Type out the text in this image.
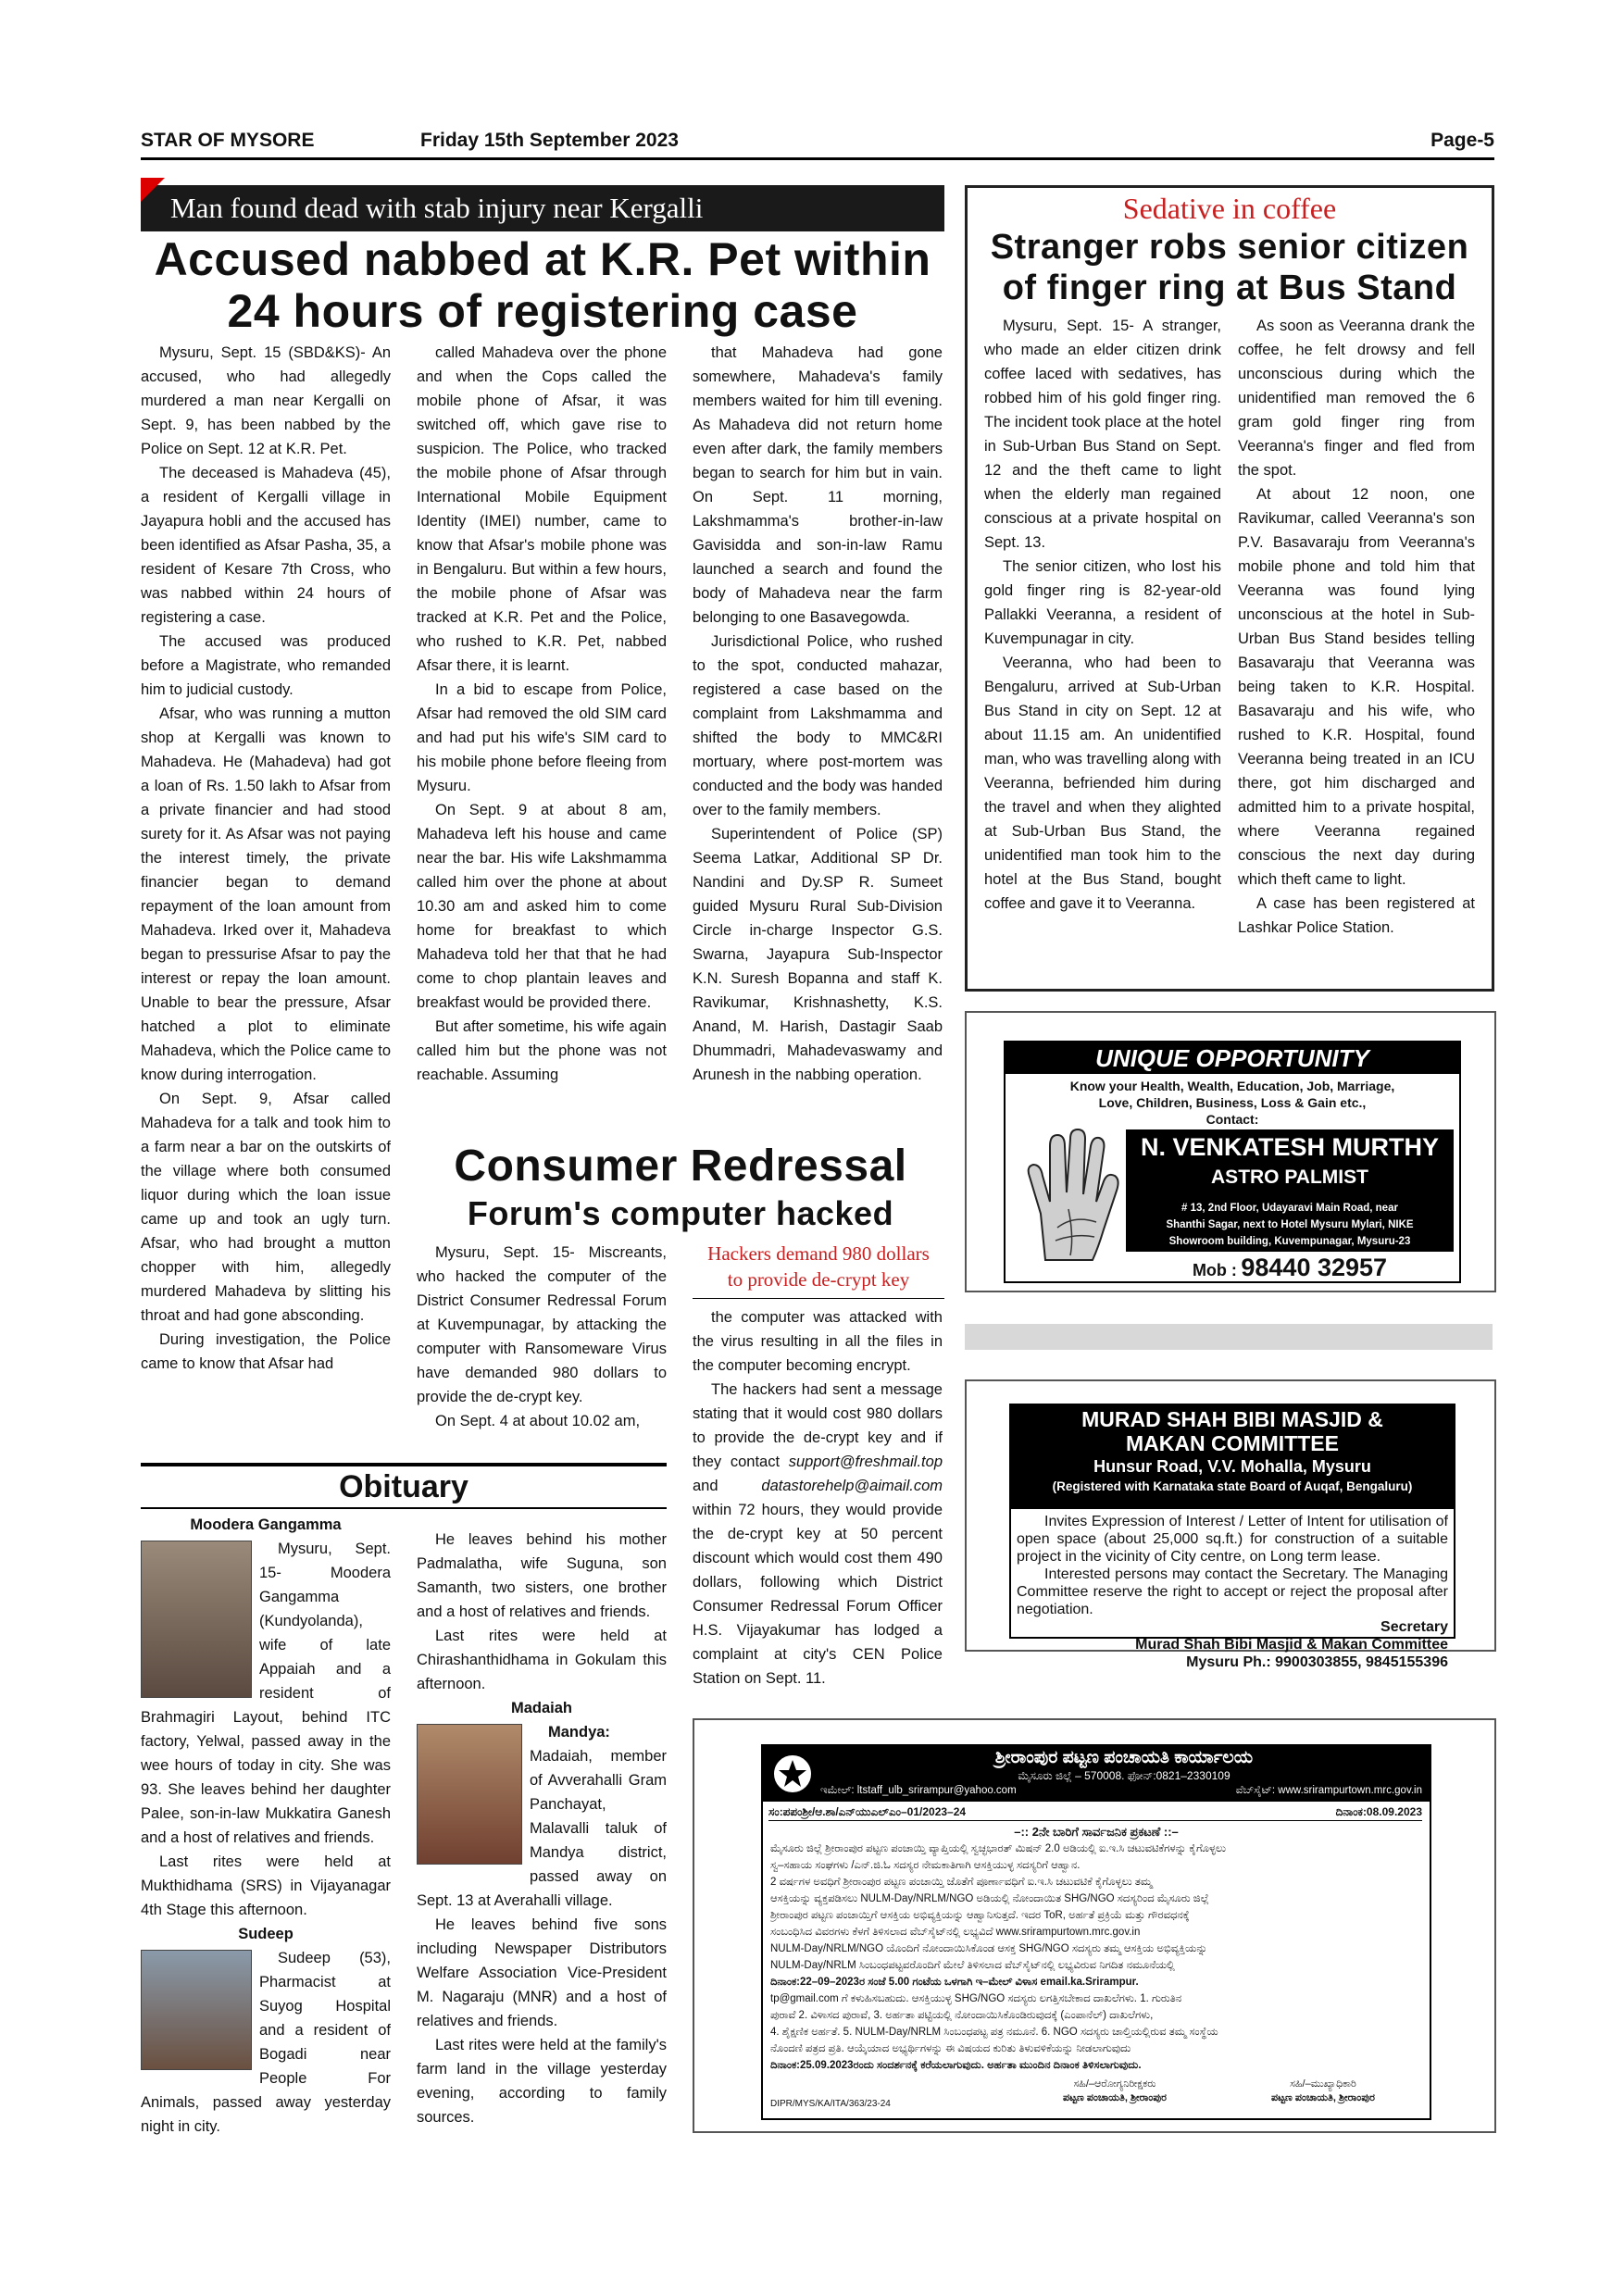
STAR OF MYSORE	Friday 15th September 2023	Page-5
Man found dead with stab injury near Kergalli
Accused nabbed at K.R. Pet within
24 hours of registering case

Mysuru, Sept. 15 (SBD&KS)- An accused, who had allegedly murdered a man near Kergalli on Sept. 9, has been nabbed by the Police on Sept. 12 at K.R. Pet.

The deceased is Mahadeva (45), a resident of Kergalli village in Jayapura hobli and the accused has been identified as Afsar Pasha, 35, a resident of Kesare 7th Cross, who was nabbed within 24 hours of registering a case.

The accused was produced before a Magistrate, who remanded him to judicial custody.

Afsar, who was running a mutton shop at Kergalli was known to Mahadeva. He (Mahadeva) had got a loan of Rs. 1.50 lakh to Afsar from a private financier and had stood surety for it. As Afsar was not paying the interest timely, the private financier began to demand repayment of the loan amount from Mahadeva. Irked over it, Mahadeva began to pressurise Afsar to pay the interest or repay the loan amount. Unable to bear the pressure, Afsar hatched a plot to eliminate Mahadeva, which the Police came to know during interrogation.

On Sept. 9, Afsar called Mahadeva for a talk and took him to a farm near a bar on the outskirts of the village where both consumed liquor during which the loan issue came up and took an ugly turn. Afsar, who had brought a mutton chopper with him, allegedly murdered Mahadeva by slitting his throat and had gone absconding.

During investigation, the Police came to know that Afsar had

called Mahadeva over the phone and when the Cops called the mobile phone of Afsar, it was switched off, which gave rise to suspicion. The Police, who tracked the mobile phone of Afsar through International Mobile Equipment Identity (IMEI) number, came to know that Afsar's mobile phone was in Bengaluru. But within a few hours, the mobile phone of Afsar was tracked at K.R. Pet and the Police, who rushed to K.R. Pet, nabbed Afsar there, it is learnt.

In a bid to escape from Police, Afsar had removed the old SIM card and had put his wife's SIM card to his mobile phone before fleeing from Mysuru.

On Sept. 9 at about 8 am, Mahadeva left his house and came near the bar. His wife Lakshmamma called him over the phone at about 10.30 am and asked him to come home for breakfast to which Mahadeva told her that that he had come to chop plantain leaves and breakfast would be provided there.

But after sometime, his wife again called him but the phone was not reachable. Assuming

that Mahadeva had gone somewhere, Mahadeva's family members waited for him till evening. As Mahadeva did not return home even after dark, the family members began to search for him but in vain. On Sept. 11 morning, Lakshmamma's brother-in-law Gavisidda and son-in-law Ramu launched a search and found the body of Mahadeva near the farm belonging to one Basavegowda.

Jurisdictional Police, who rushed to the spot, conducted mahazar, registered a case based on the complaint from Lakshmamma and shifted the body to MMC&RI mortuary, where post-mortem was conducted and the body was handed over to the family members.

Superintendent of Police (SP) Seema Latkar, Additional SP Dr. Nandini and Dy.SP R. Sumeet guided Mysuru Rural Sub-Division Circle in-charge Inspector G.S. Swarna, Jayapura Sub-Inspector K.N. Suresh Bopanna and staff K. Ravikumar, Krishnashetty, K.S. Anand, M. Harish, Dastagir Saab Dhummadri, Mahadevaswamy and Arunesh in the nabbing operation.

Sedative in coffee
Stranger robs senior citizen
of finger ring at Bus Stand

Mysuru, Sept. 15- A stranger, who made an elder citizen drink coffee laced with sedatives, has robbed him of his gold finger ring. The incident took place at the hotel in Sub-Urban Bus Stand on Sept. 12 and the theft came to light when the elderly man regained conscious at a private hospital on Sept. 13.

The senior citizen, who lost his gold finger ring is 82-year-old Pallakki Veeranna, a resident of Kuvempunagar in city.

Veeranna, who had been to Bengaluru, arrived at Sub-Urban Bus Stand in city on Sept. 12 at about 11.15 am. An unidentified man, who was travelling along with Veeranna, befriended him during the travel and when they alighted at Sub-Urban Bus Stand, the unidentified man took him to the hotel at the Bus Stand, bought coffee and gave it to Veeranna.

As soon as Veeranna drank the coffee, he felt drowsy and fell unconscious during which the unidentified man removed the 6 gram gold finger ring from Veeranna's finger and fled from the spot.

At about 12 noon, one Ravikumar, called Veeranna's son P.V. Basavaraju from Veeranna's mobile phone and told him that Veeranna was found lying unconscious at the hotel in Sub-Urban Bus Stand besides telling Basavaraju that Veeranna was being taken to K.R. Hospital. Basavaraju and his wife, who rushed to K.R. Hospital, found Veeranna being treated in an ICU there, got him discharged and admitted him to a private hospital, where Veeranna regained conscious the next day during which theft came to light.

A case has been registered at Lashkar Police Station.

UNIQUE OPPORTUNITY
Know your Health, Wealth, Education, Job, Marriage,
Love, Children, Business, Loss & Gain etc.,
Contact:
N. VENKATESH MURTHY
ASTRO PALMIST
# 13, 2nd Floor, Udayaravi Main Road, near
Shanthi Sagar, next to Hotel Mysuru Mylari, NIKE
Showroom building, Kuvempunagar, Mysuru-23
Mob : 98440 32957
MURAD SHAH BIBI MASJID &
MAKAN COMMITTEE
Hunsur Road, V.V. Mohalla, Mysuru
(Registered with Karnataka state Board of Auqaf, Bengaluru)
Invites Expression of Interest / Letter of Intent for utilisation of open space (about 25,000 sq.ft.) for construction of a suitable project in the vicinity of City centre, on Long term lease.
Interested persons may contact the Secretary. The Managing Committee reserve the right to accept or reject the proposal after negotiation.
Secretary
Murad Shah Bibi Masjid & Makan Committee
Mysuru Ph.: 9900303855, 9845155396
Consumer Redressal
Forum's computer hacked

Mysuru, Sept. 15- Miscreants, who hacked the computer of the District Consumer Redressal Forum at Kuvempunagar, by attacking the computer with Ransomeware Virus have demanded 980 dollars to provide the de-crypt key.

On Sept. 4 at about 10.02 am,

Hackers demand 980 dollars
to provide de-crypt key

the computer was attacked with the virus resulting in all the files in the computer becoming encrypt.

The hackers had sent a message stating that it would cost 980 dollars to provide the de-crypt key and if they contact support@freshmail.top and datastorehelp@aimail.com within 72 hours, they would provide the de-crypt key at 50 percent discount which would cost them 490 dollars, following which District Consumer Redressal Forum Officer H.S. Vijayakumar has lodged a complaint at city's CEN Police Station on Sept. 11.

Obituary
Moodera Gangamma

Mysuru, Sept. 15- Moodera Gangamma (Kundyolanda), wife of late Appaiah and a resident of Brahmagiri Layout, behind ITC factory, Yelwal, passed away in the wee hours of today in city. She was 93. She leaves behind her daughter Palee, son-in-law Mukkatira Ganesh and a host of relatives and friends.

Last rites were held at Mukthidhama (SRS) in Vijayanagar 4th Stage this afternoon.

Sudeep

Sudeep (53), Pharmacist at Suyog Hospital and a resident of Bogadi near People For Animals, passed away yesterday night in city.

He leaves behind his mother Padmalatha, wife Suguna, son Samanth, two sisters, one brother and a host of relatives and friends.

Last rites were held at Chirashanthidhama in Gokulam this afternoon.

Madaiah

Mandya: Madaiah, member of Avverahalli Gram Panchayat, Malavalli taluk of Mandya district, passed away on Sept. 13 at Averahalli village.

He leaves behind five sons including Newspaper Distributors Welfare Association Vice-President M. Nagaraju (MNR) and a host of relatives and friends.

Last rites were held at the family's farm land in the village yesterday evening, according to family sources.

ಶ್ರೀರಾಂಪುರ ಪಟ್ಟಣ ಪಂಚಾಯತಿ ಕಾರ್ಯಾಲಯ
ಮೈಸೂರು ಜಿಲ್ಲೆ – 570008. ಫೋನ್:0821–2330109
ಇಮೇಲ್: ltstaff_ulb_srirampur@yahoo.com	ವೆಬ್‌ಸೈಟ್: www.srirampurtown.mrc.gov.in
ಸಂ:ಪಪಂಶ್ರೀ/ಆ.ಶಾ/ಎನ್‌ಯುಎಲ್‌ಎಂ–01/2023–24	ದಿನಾಂಕ:08.09.2023
–:: 2ನೇ ಬಾರಿಗೆ ಸಾರ್ವಜನಿಕ ಪ್ರಕಟಣೆ ::–
ಮೈಸೂರು ಜಿಲ್ಲೆ ಶ್ರೀರಾಂಪುರ ಪಟ್ಟಣ ಪಂಚಾಯ್ತಿ ವ್ಯಾಪ್ತಿಯಲ್ಲಿ ಸ್ವಚ್ಛಭಾರತ್ ಮಿಷನ್ 2.0 ಅಡಿಯಲ್ಲಿ ಐ.ಇ.ಸಿ ಚಟುವಟಿಕೆಗಳನ್ನು ಕೈಗೊಳ್ಳಲು
ಸ್ವ–ಸಹಾಯ ಸಂಘಗಳು /ಎನ್.ಜಿ.ಓ ಸದಸ್ಯರ ನೇಮಕಾತಿಗಾಗಿ ಆಸಕ್ತಿಯುಳ್ಳ ಸದಸ್ಯರಿಗೆ ಆಹ್ವಾನ.
2 ವರ್ಷಗಳ ಅವಧಿಗೆ ಶ್ರೀರಾಂಪುರ ಪಟ್ಟಣ ಪಂಚಾಯ್ತಿ ಜೊತೆಗೆ ಪೂರ್ಣಾವಧಿಗೆ ಐ.ಇ.ಸಿ ಚಟುವಟಿಕೆ ಕೈಗೊಳ್ಳಲು ತಮ್ಮ
ಆಸಕ್ತಿಯನ್ನು ವ್ಯಕ್ತಪಡಿಸಲು NULM-Day/NRLM/NGO ಅಡಿಯಲ್ಲಿ ನೋಂದಾಯಿತ SHG/NGO ಸದಸ್ಯರಿಂದ ಮೈಸೂರು ಜಿಲ್ಲೆ
ಶ್ರೀರಾಂಪುರ ಪಟ್ಟಣ ಪಂಚಾಯ್ತಿಗೆ ಆಸಕ್ತಿಯ ಅಭಿವ್ಯಕ್ತಿಯನ್ನು ಆಹ್ವಾನಿಸುತ್ತದೆ. ಇದರ ToR, ಅರ್ಹತೆ ಪ್ರಕ್ರಿಯೆ ಮತ್ತು ಗೌರವಧನಕ್ಕೆ
ಸಂಬಂಧಿಸಿದ ವಿವರಗಳು ಕೆಳಗೆ ತಿಳಿಸಲಾದ ವೆಬ್‌ಸೈಟ್‌ನಲ್ಲಿ ಲಭ್ಯವಿದೆ www.srirampurtown.mrc.gov.in
NULM-Day/NRLM/NGO ಯೊಂದಿಗೆ ನೋಂದಾಯಿಸಿಕೊಂಡ ಆಸಕ್ತ SHG/NGO ಸದಸ್ಯರು ತಮ್ಮ ಆಸಕ್ತಿಯ ಅಭಿವ್ಯಕ್ತಿಯನ್ನು
NULM-Day/NRLM ಸಿಂಬಂಧಪಟ್ಟವರೊಂದಿಗೆ ಮೇಲೆ ತಿಳಿಸಲಾದ ವೆಬ್‌ಸೈಟ್‌ನಲ್ಲಿ ಲಭ್ಯವಿರುವ ನಿಗದಿತ ನಮೂನೆಯಲ್ಲಿ
ದಿನಾಂಕ:22–09–2023ರ ಸಂಜೆ 5.00 ಗಂಟೆಯ ಒಳಗಾಗಿ ಇ–ಮೇಲ್ ವಿಳಾಸ email.ka.Srirampur.
tp@gmail.com ಗೆ ಕಳುಹಿಸಬಹುದು. ಆಸಕ್ತಿಯುಳ್ಳ SHG/NGO ಸದಸ್ಯರು ಲಗತ್ತಿಸಬೇಕಾದ ದಾಖಲೆಗಳು. 1. ಗುರುತಿನ
ಪುರಾವೆ 2. ವಿಳಾಸದ ಪುರಾವೆ, 3. ಅರ್ಹತಾ ಪಟ್ಟಿಯಲ್ಲಿ ನೋಂದಾಯಿಸಿಕೊಂಡಿರುವುದಕ್ಕೆ (ಎಂಪಾನೆಲ್) ದಾಖಲೆಗಳು,
4. ಶೈಕ್ಷಣಿಕ ಅರ್ಹತೆ. 5. NULM-Day/NRLM ಸಿಂಬಂಧಪಟ್ಟ ಪತ್ರ ನಮೂನೆ. 6. NGO ಸದಸ್ಯರು ಚಾಲ್ತಿಯಲ್ಲಿರುವ ತಮ್ಮ ಸಂಸ್ಥೆಯ
ನೊಂದಣಿ ಪತ್ರದ ಪ್ರತಿ. ಆಯ್ಕೆಯಾದ ಅಭ್ಯರ್ಥಿಗಳನ್ನು ಈ ವಿಷಯದ ಕುರಿತು ತಿಳುವಳಿಕೆಯನ್ನು ನೀಡಲಾಗುವುದು
ದಿನಾಂಕ:25.09.2023ರಂದು ಸಂದರ್ಶನಕ್ಕೆ ಕರೆಯಲಾಗುವುದು. ಅರ್ಹತಾ ಮುಂದಿನ ದಿನಾಂಕ ತಿಳಿಸಲಾಗುವುದು.
ಸಹಿ/–ಆರೋಗ್ಯನಿರೀಕ್ಷಕರು
ಪಟ್ಟಣ ಪಂಚಾಯತಿ, ಶ್ರೀರಾಂಪುರ
ಸಹಿ/–ಮುಖ್ಯಾಧಿಕಾರಿ
ಪಟ್ಟಣ ಪಂಚಾಯತಿ, ಶ್ರೀರಾಂಪುರ
DIPR/MYS/KA/ITA/363/23-24
